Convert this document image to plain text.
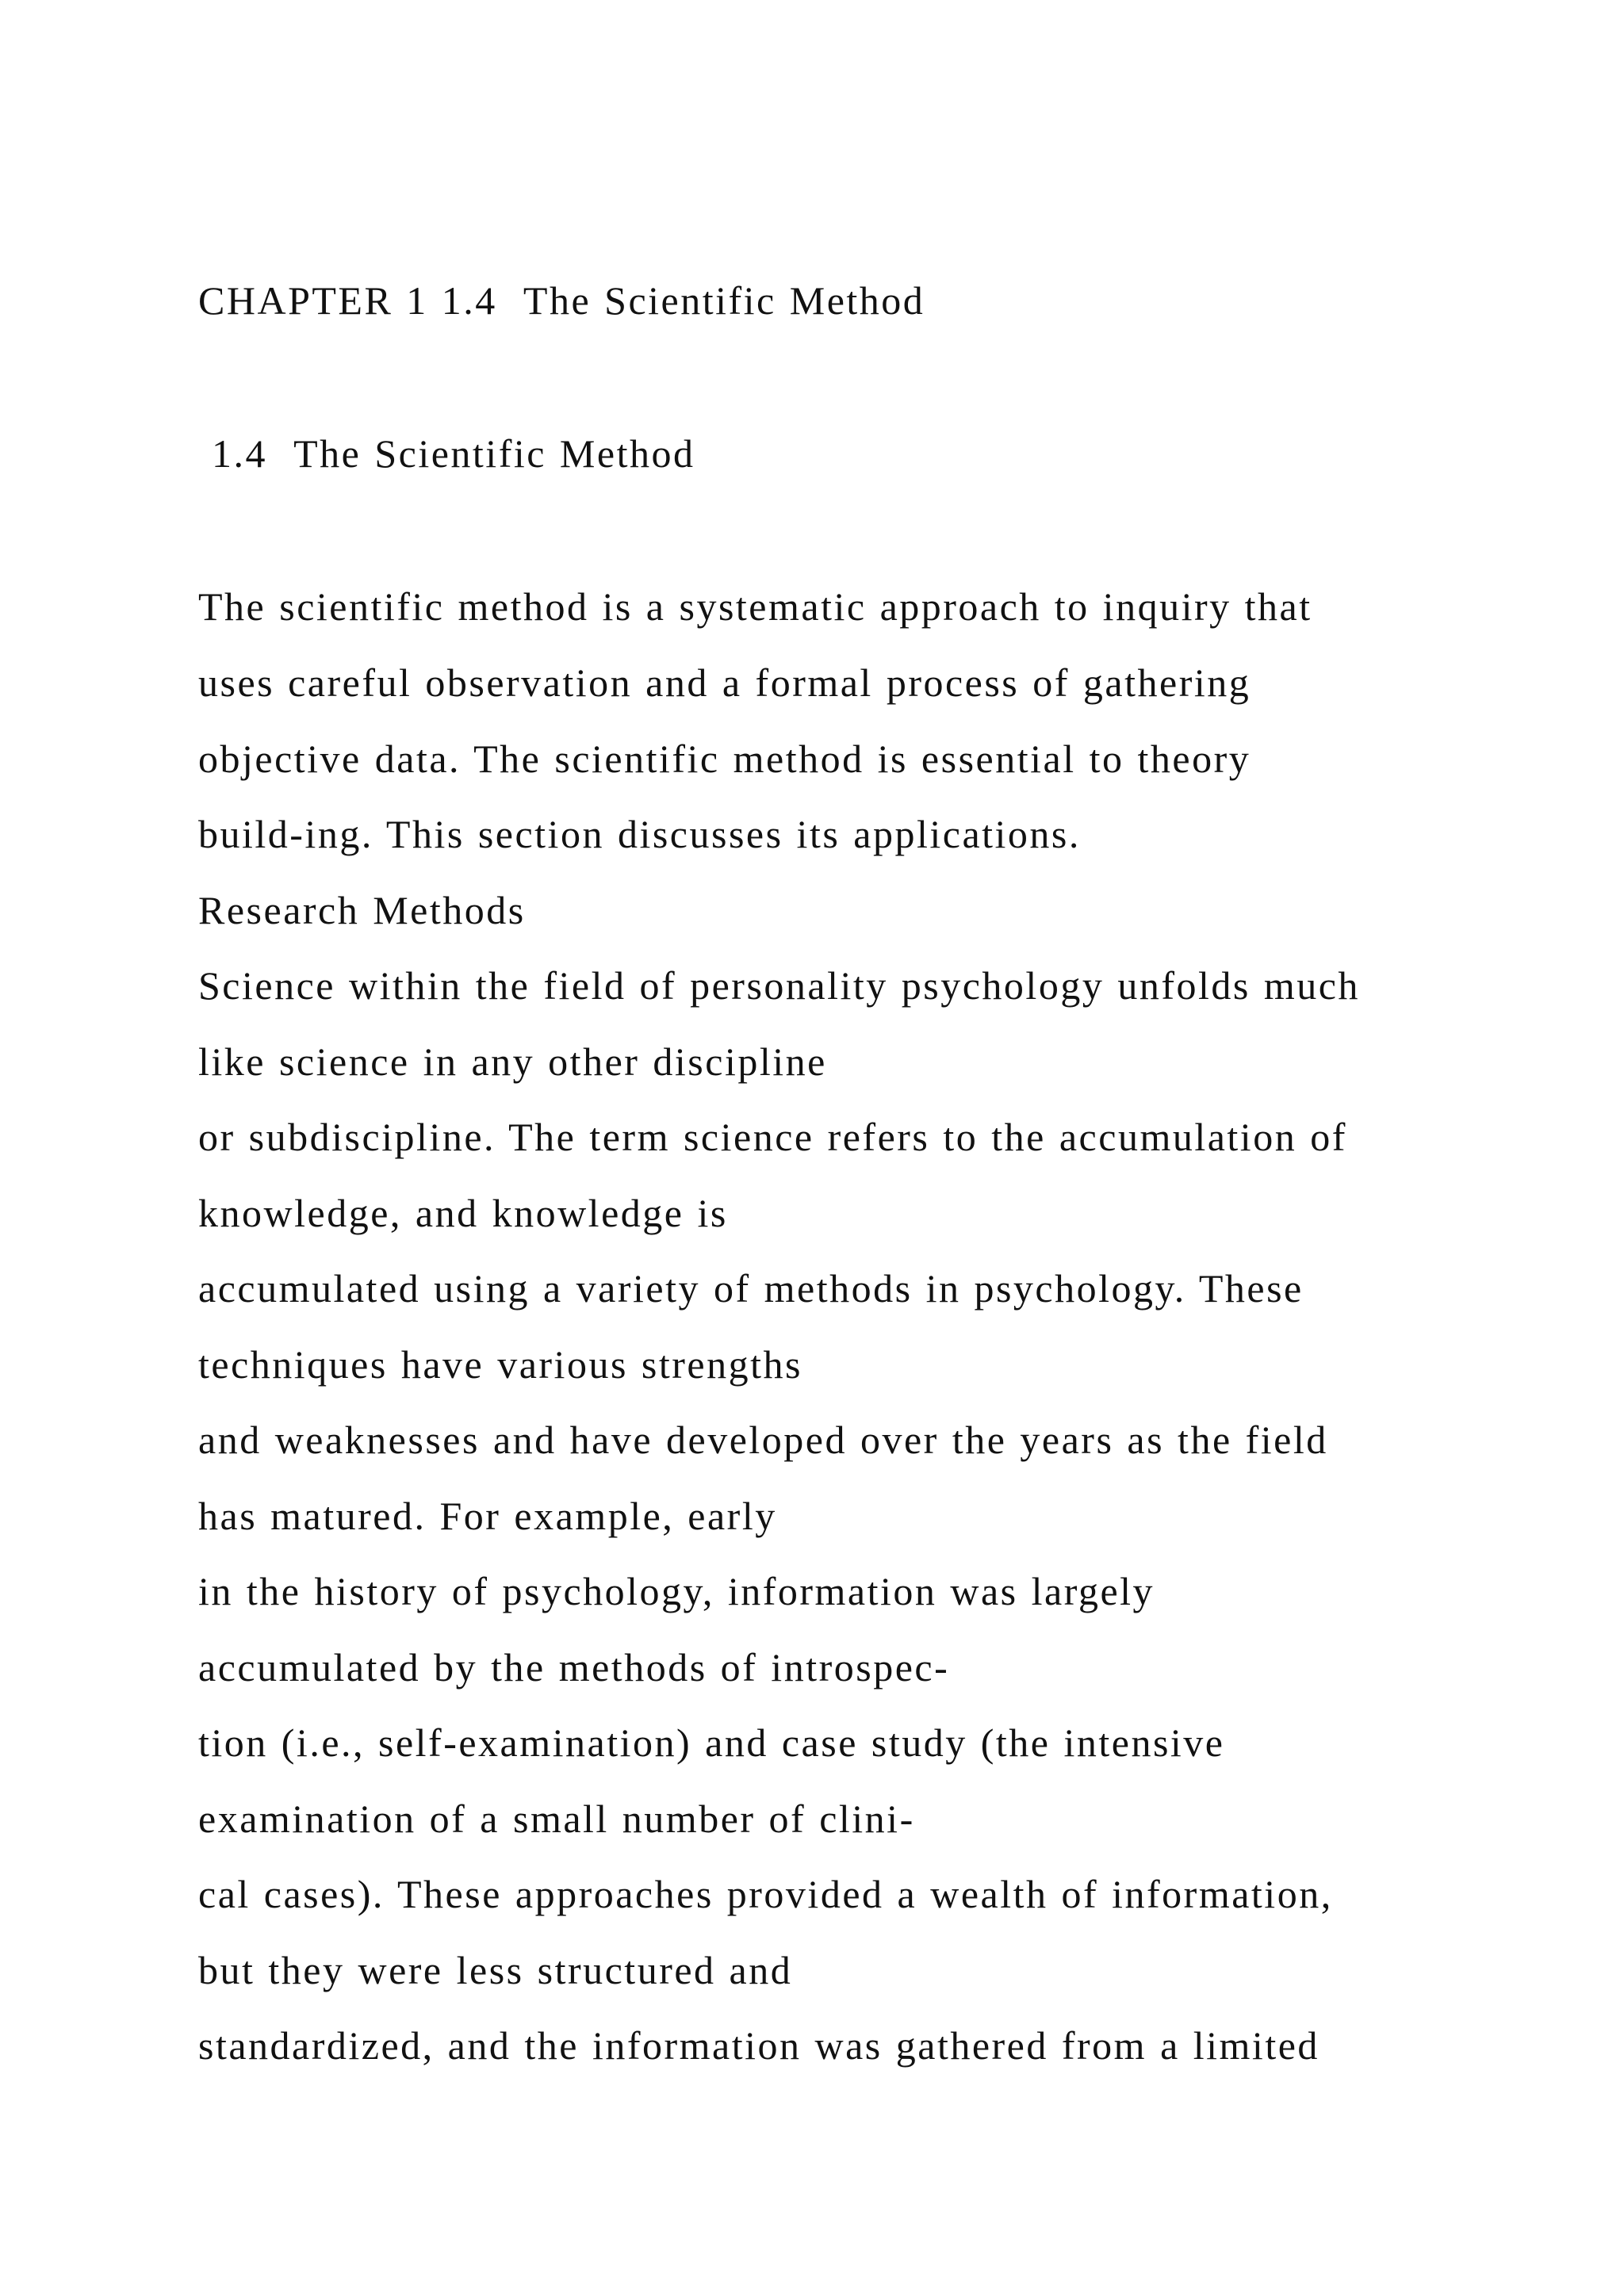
CHAPTER 1 1.4  The Scientific Method

1.4  The Scientific Method

The scientific method is a systematic approach to inquiry that

uses careful observation and a formal process of gathering

objective data. The scientific method is essential to theory

build-ing. This section discusses its applications.

Research Methods

Science within the field of personality psychology unfolds much

like science in any other discipline

or subdiscipline. The term science refers to the accumulation of

knowledge, and knowledge is

accumulated using a variety of methods in psychology. These

techniques have various strengths

and weaknesses and have developed over the years as the field

has matured. For example, early

in the history of psychology, information was largely

accumulated by the methods of introspec-

tion (i.e., self-examination) and case study (the intensive

examination of a small number of clini-

cal cases). These approaches provided a wealth of information,

but they were less structured and

standardized, and the information was gathered from a limited
